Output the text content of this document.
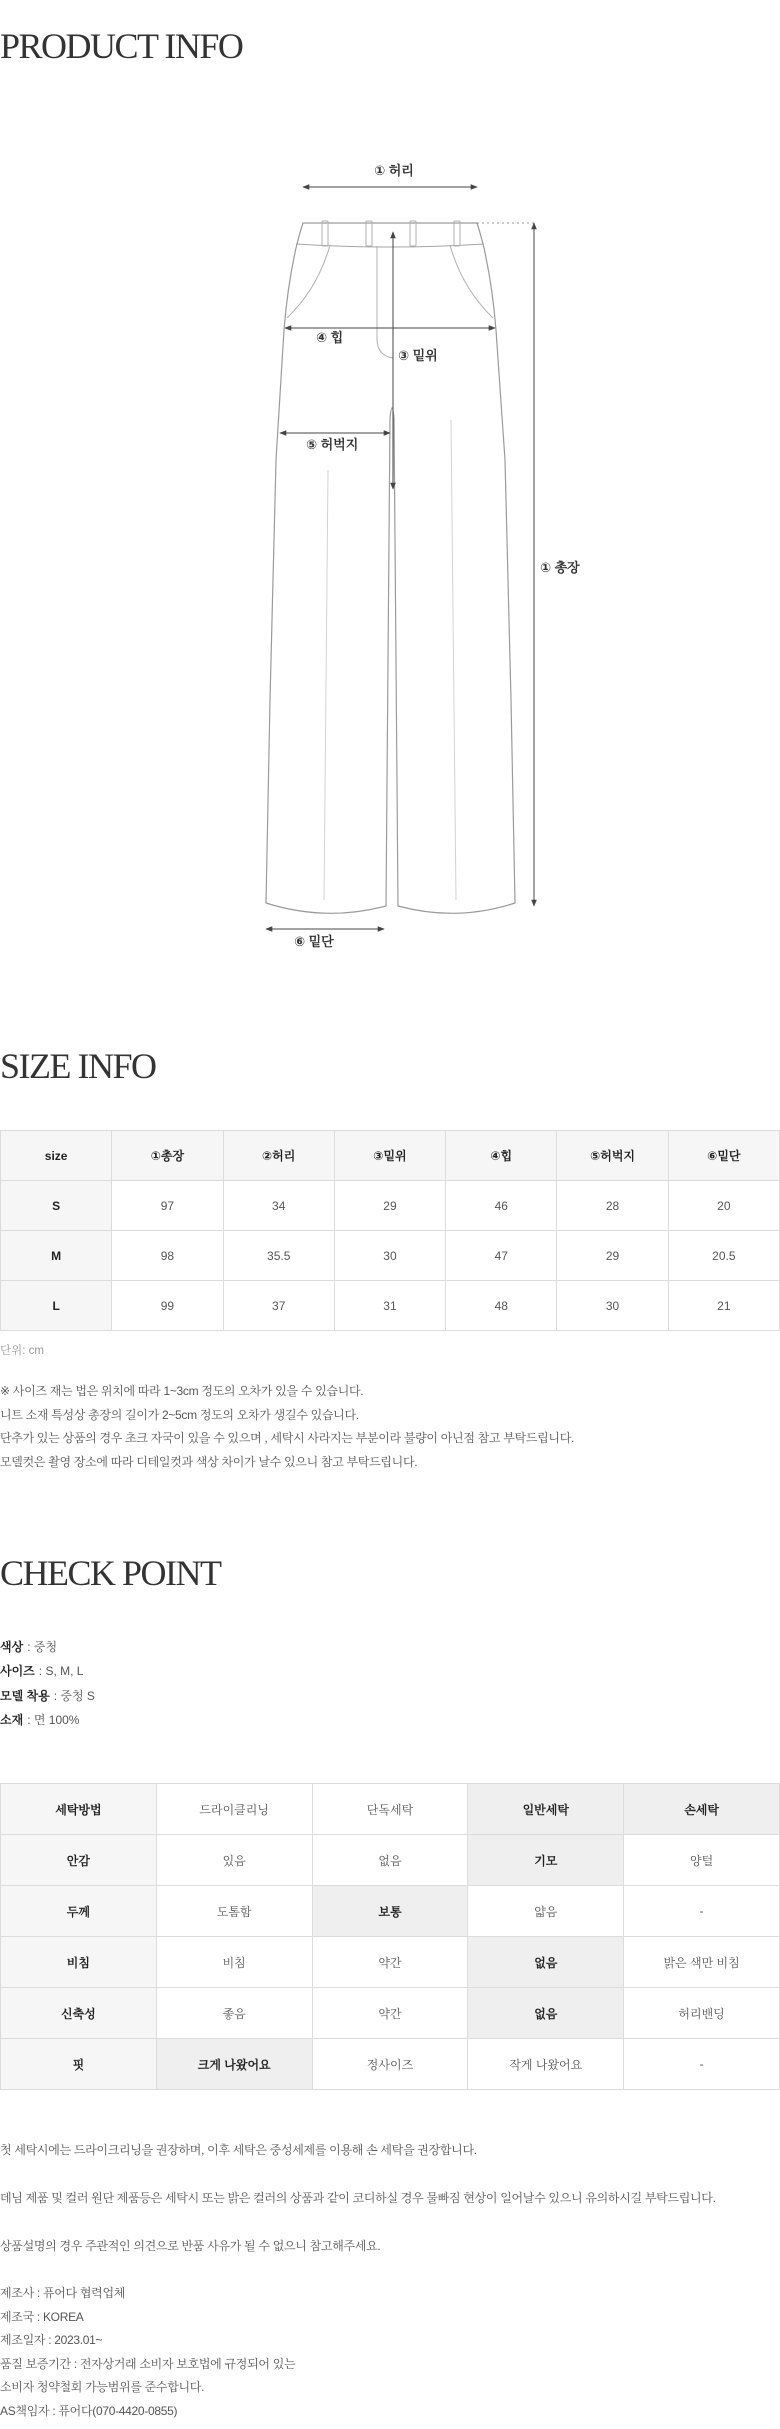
① 허리
① 총장
④ 힙
③ 밑위
⑤ 허벅지
⑥ 밑단
PRODUCT INFO
SIZE INFO
size	①총장	②허리	③밑위	④힙	⑤허벅지	⑥밑단
S	97	34	29	46	28	20
M	98	35.5	30	47	29	20.5
L	99	37	31	48	30	21
단위: cm
※ 사이즈 재는 법은 위치에 따라 1~3cm 정도의 오차가 있을 수 있습니다.
니트 소재 특성상 총장의 길이가 2~5cm 정도의 오차가 생길수 있습니다.
단추가 있는 상품의 경우 초크 자국이 있을 수 있으며 , 세탁시 사라지는 부분이라 불량이 아닌점 참고 부탁드립니다.
모델컷은 촬영 장소에 따라 디테일컷과 색상 차이가 날수 있으니 참고 부탁드립니다.
CHECK POINT
색상 : 중청
사이즈 : S, M, L
모델 착용 : 중청 S
소재 : 면 100%
세탁방법	드라이클리닝	단독세탁	일반세탁	손세탁
안감	있음	없음	기모	양털
두께	도톰함	보통	얇음	-
비침	비침	약간	없음	밝은 색만 비침
신축성	좋음	약간	없음	허리밴딩
핏	크게 나왔어요	정사이즈	작게 나왔어요	-

첫 세탁시에는 드라이크리닝을 권장하며, 이후 세탁은 중성세제를 이용해 손 세탁을 권장합니다.

데님 제품 및 컬러 원단 제품등은 세탁시 또는 밝은 컬러의 상품과 같이 코디하실 경우 물빠짐 현상이 일어날수 있으니 유의하시길 부탁드립니다.

상품설명의 경우 주관적인 의견으로 반품 사유가 될 수 없으니 참고해주세요.

제조사 : 퓨어다 협력업체
제조국 : KOREA
제조일자 : 2023.01~
품질 보증기간 : 전자상거래 소비자 보호법에 규정되어 있는
소비자 청약철회 가능범위를 준수합니다.
AS책임자 : 퓨어다(070-4420-0855)
